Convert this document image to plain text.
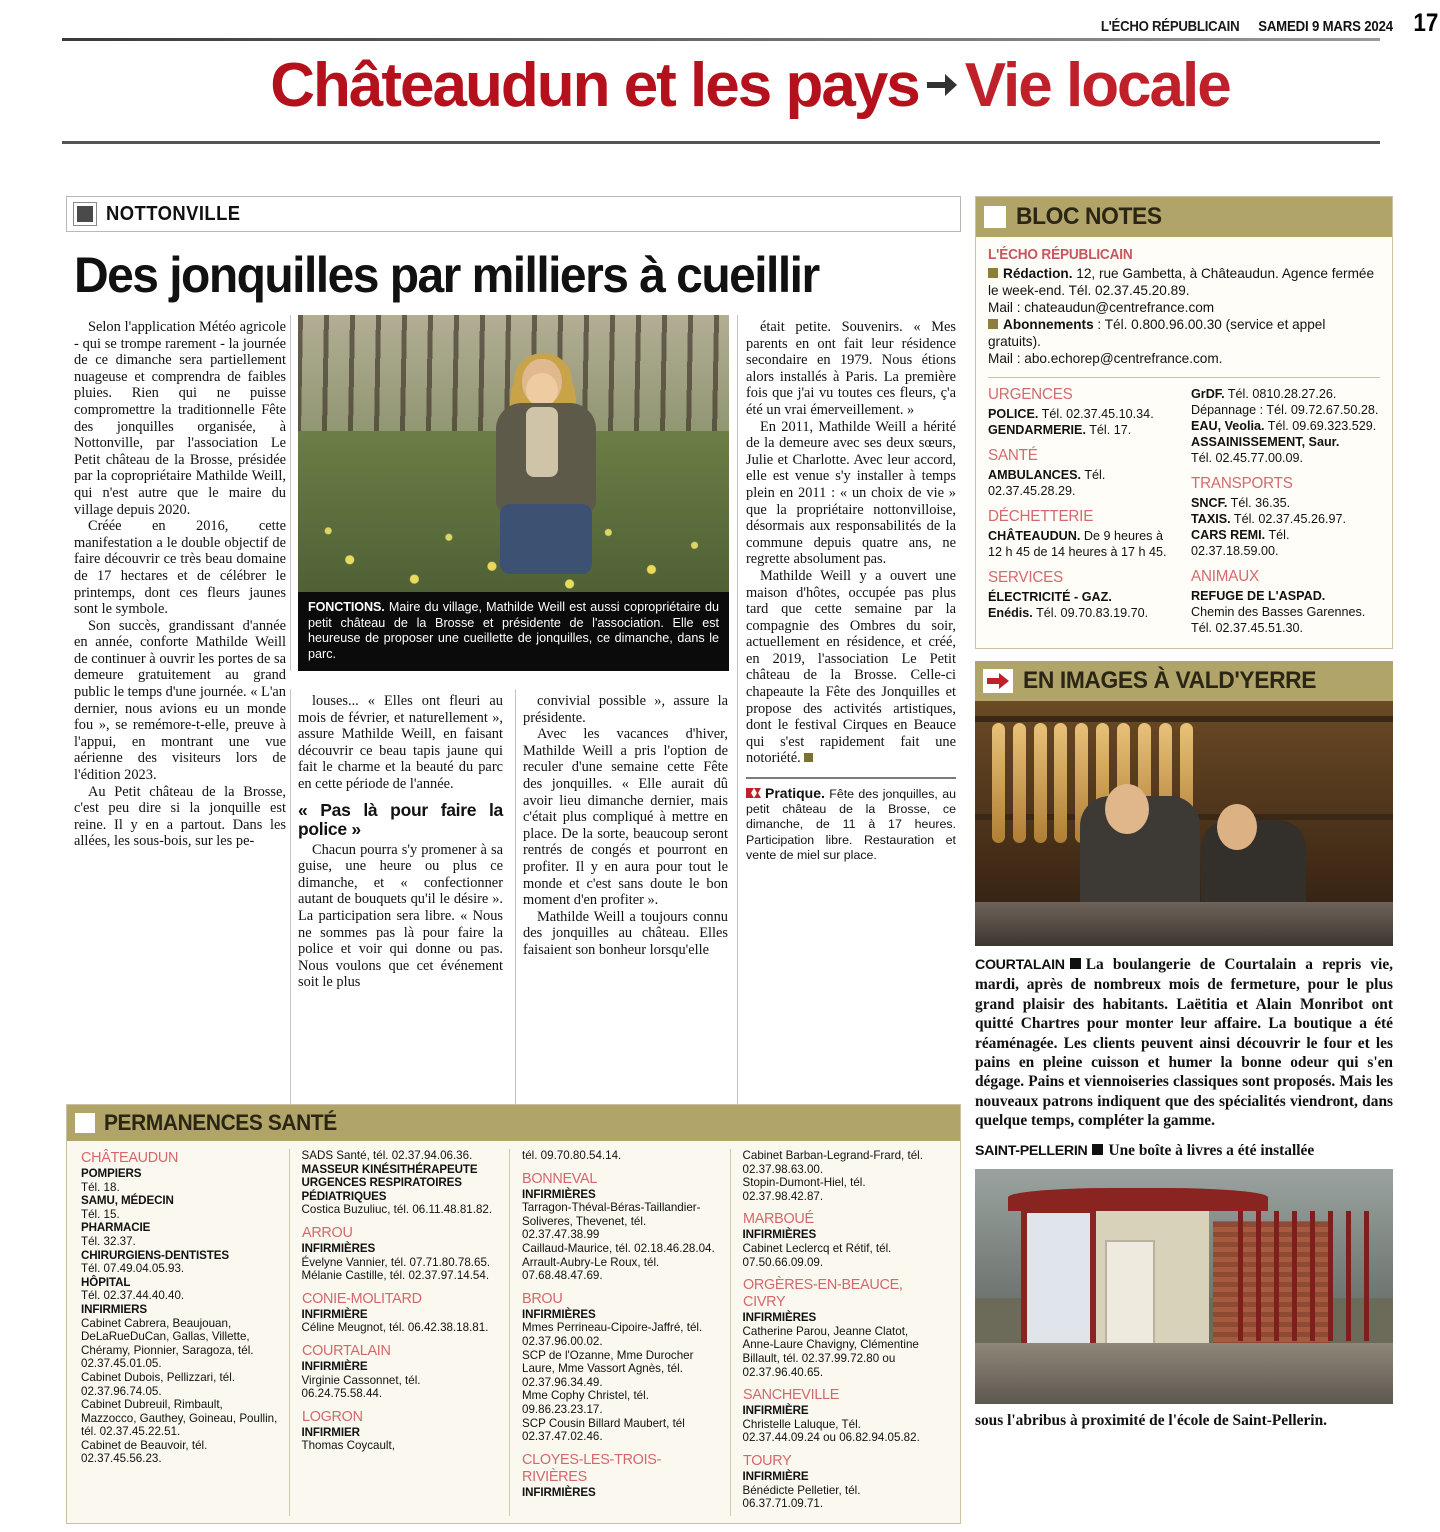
L'ÉCHO RÉPUBLICAIN SAMEDI 9 MARS 2024 17
Châteaudun et les pays Vie locale
NOTTONVILLE
Des jonquilles par milliers à cueillir

Selon l'application Météo agricole - qui se trompe rarement - la journée de ce dimanche sera partiellement nuageuse et comprendra de faibles pluies. Rien qui ne puisse compromettre la traditionnelle Fête des jonquilles organisée, à Nottonville, par l'association Le Petit château de la Brosse, présidée par la copropriétaire Mathilde Weill, qui n'est autre que le maire du village depuis 2020.

Créée en 2016, cette manifestation a le double objectif de faire découvrir ce très beau domaine de 17 hectares et de célébrer le printemps, dont ces fleurs jaunes sont le symbole.

Son succès, grandissant d'année en année, conforte Mathilde Weill de continuer à ouvrir les portes de sa demeure gratuitement au grand public le temps d'une journée. « L'an dernier, nous avions eu un monde fou », se remémore-t-elle, preuve à l'appui, en montrant une vue aérienne des visiteurs lors de l'édition 2023.

Au Petit château de la Brosse, c'est peu dire si la jonquille est reine. Il y en a partout. Dans les allées, les sous-bois, sur les pe-

FONCTIONS. Maire du village, Mathilde Weill est aussi copropriétaire du petit château de la Brosse et présidente de l'association. Elle est heureuse de proposer une cueillette de jonquilles, ce dimanche, dans le parc.

louses... « Elles ont fleuri au mois de février, et naturellement », assure Mathilde Weill, en faisant découvrir ce beau tapis jaune qui fait le charme et la beauté du parc en cette période de l'année.

« Pas là pour faire la police »

Chacun pourra s'y promener à sa guise, une heure ou plus ce dimanche, et « confectionner autant de bouquets qu'il le désire ». La participation sera libre. « Nous ne sommes pas là pour faire la police et voir qui donne ou pas. Nous voulons que cet événement soit le plus

convivial possible », assure la présidente.

Avec les vacances d'hiver, Mathilde Weill a pris l'option de reculer d'une semaine cette Fête des jonquilles. « Elle aurait dû avoir lieu dimanche dernier, mais c'était plus compliqué à mettre en place. De la sorte, beaucoup seront rentrés de congés et pourront en profiter. Il y en aura pour tout le monde et c'est sans doute le bon moment d'en profiter ».

Mathilde Weill a toujours connu des jonquilles au château. Elles faisaient son bonheur lorsqu'elle

était petite. Souvenirs. « Mes parents en ont fait leur résidence secondaire en 1979. Nous étions alors installés à Paris. La première fois que j'ai vu toutes ces fleurs, ç'a été un vrai émerveillement. »

En 2011, Mathilde Weill a hérité de la demeure avec ses deux sœurs, Julie et Charlotte. Avec leur accord, elle est venue s'y installer à temps plein en 2011 : « un choix de vie » que la propriétaire nottonvilloise, désormais aux responsabilités de la commune depuis quatre ans, ne regrette absolument pas.

Mathilde Weill y a ouvert une maison d'hôtes, occupée pas plus tard que cette semaine par la compagnie des Ombres du soir, actuellement en résidence, et créé, en 2019, l'association Le Petit château de la Brosse. Celle-ci chapeaute la Fête des Jonquilles et propose des activités artistiques, dont le festival Cirques en Beauce qui s'est rapidement fait une notoriété.

Pratique. Fête des jonquilles, au petit château de la Brosse, ce dimanche, de 11 à 17 heures. Participation libre. Restauration et vente de miel sur place.
BLOC NOTES
L'ÉCHO RÉPUBLICAIN
Rédaction. 12, rue Gambetta, à Châteaudun. Agence fermée le week-end. Tél. 02.37.45.20.89.
Mail : chateaudun@centrefrance.com
Abonnements : Tél. 0.800.96.00.30 (service et appel gratuits).
Mail : abo.echorep@centrefrance.com.
URGENCES
POLICE. Tél. 02.37.45.10.34.
GENDARMERIE. Tél. 17.
SANTÉ
AMBULANCES. Tél. 02.37.45.28.29.
DÉCHETTERIE
CHÂTEAUDUN. De 9 heures à 12 h 45 de 14 heures à 17 h 45.
SERVICES
ÉLECTRICITÉ - GAZ.
Enédis. Tél. 09.70.83.19.70.
GrDF. Tél. 0810.28.27.26.
Dépannage : Tél. 09.72.67.50.28.
EAU, Veolia. Tél. 09.69.323.529.
ASSAINISSEMENT, Saur.
Tél. 02.45.77.00.09.
TRANSPORTS
SNCF. Tél. 36.35.
TAXIS. Tél. 02.37.45.26.97.
CARS REMI. Tél. 02.37.18.59.00.
ANIMAUX
REFUGE DE L'ASPAD.
Chemin des Basses Garennes.
Tél. 02.37.45.51.30.
EN IMAGES À VALD'YERRE
COURTALAIN La boulangerie de Courtalain a repris vie, mardi, après de nombreux mois de fermeture, pour le plus grand plaisir des habitants. Laëtitia et Alain Monribot ont quitté Chartres pour monter leur affaire. La boutique a été réaménagée. Les clients peuvent ainsi découvrir le four et les pains en pleine cuisson et humer la bonne odeur qui s'en dégage. Pains et viennoiseries classiques sont proposés. Mais les nouveaux patrons indiquent que des spécialités viendront, dans quelque temps, compléter la gamme.
SAINT-PELLERIN Une boîte à livres a été installée
sous l'abribus à proximité de l'école de Saint-Pellerin.
PERMANENCES SANTÉ
CHÂTEAUDUN
POMPIERS
Tél. 18.
SAMU, MÉDECIN
Tél. 15.
PHARMACIE
Tél. 32.37.
CHIRURGIENS-DENTISTES
Tél. 07.49.04.05.93.
HÔPITAL
Tél. 02.37.44.40.40.
INFIRMIERS
Cabinet Cabrera, Beaujouan, DeLaRueDuCan, Gallas, Villette, Chéramy, Pionnier, Saragoza, tél. 02.37.45.01.05.
Cabinet Dubois, Pellizzari, tél. 02.37.96.74.05.
Cabinet Dubreuil, Rimbault, Mazzocco, Gauthey, Goineau, Poullin, tél. 02.37.45.22.51.
Cabinet de Beauvoir, tél. 02.37.45.56.23.
SADS Santé, tél. 02.37.94.06.36.
MASSEUR KINÉSITHÉRAPEUTE URGENCES RESPIRATOIRES PÉDIATRIQUES
Costica Buzuliuc, tél. 06.11.48.81.82.
ARROU
INFIRMIÈRES
Évelyne Vannier, tél. 07.71.80.78.65.
Mélanie Castille, tél. 02.37.97.14.54.
CONIE-MOLITARD
INFIRMIÈRE
Céline Meugnot, tél. 06.42.38.18.81.
COURTALAIN
INFIRMIÈRE
Virginie Cassonnet, tél. 06.24.75.58.44.
LOGRON
INFIRMIER
Thomas Coycault,
tél. 09.70.80.54.14.
BONNEVAL
INFIRMIÈRES
Tarragon-Théval-Béras-Taillandier-Soliveres, Thevenet, tél. 02.37.47.38.99
Caillaud-Maurice, tél. 02.18.46.28.04.
Arrault-Aubry-Le Roux, tél. 07.68.48.47.69.
BROU
INFIRMIÈRES
Mmes Perrineau-Cipoire-Jaffré, tél. 02.37.96.00.02.
SCP de l'Ozanne, Mme Durocher Laure, Mme Vassort Agnès, tél. 02.37.96.34.49.
Mme Cophy Christel, tél. 09.86.23.23.17.
SCP Cousin Billard Maubert, tél 02.37.47.02.46.
CLOYES-LES-TROIS-RIVIÈRES
INFIRMIÈRES
Cabinet Barban-Legrand-Frard, tél. 02.37.98.63.00.
Stopin-Dumont-Hiel, tél. 02.37.98.42.87.
MARBOUÉ
INFIRMIÈRES
Cabinet Leclercq et Rétif, tél. 07.50.66.09.09.
ORGÈRES-EN-BEAUCE, CIVRY
INFIRMIÈRES
Catherine Parou, Jeanne Clatot, Anne-Laure Chavigny, Clémentine Billault, tél. 02.37.99.72.80 ou 02.37.96.40.65.
SANCHEVILLE
INFIRMIÈRE
Christelle Laluque, Tél. 02.37.44.09.24 ou 06.82.94.05.82.
TOURY
INFIRMIÈRE
Bénédicte Pelletier, tél. 06.37.71.09.71.
